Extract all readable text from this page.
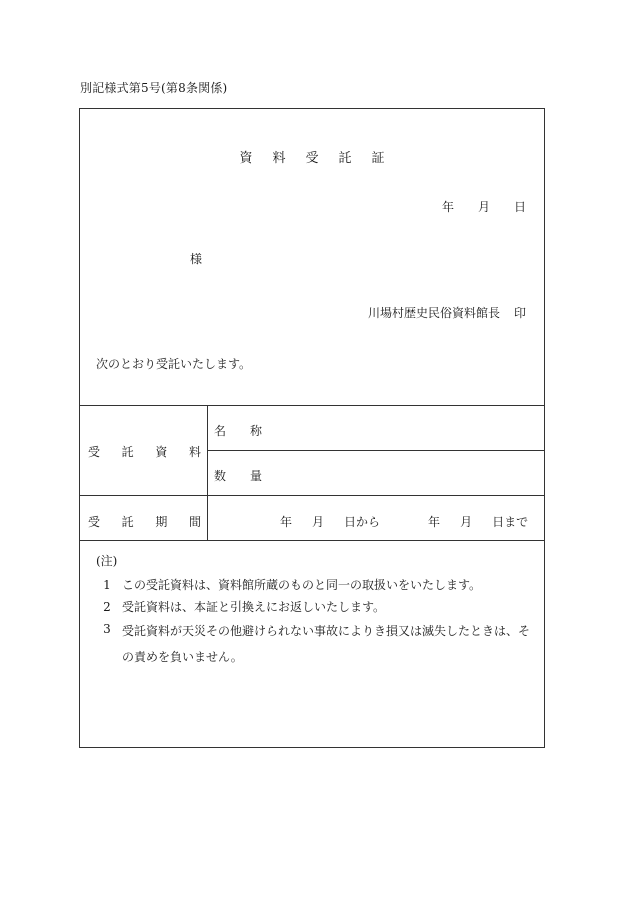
別記様式第5号(第8条関係)
資料受託証
年 月 日
様
川場村歴史民俗資料館長 印
次のとおり受託いたします。
受 託 資 料
名 称
数 量
受 託 期 間	年 月 日から	年 月 日まで
(注)
1 この受託資料は、資料館所蔵のものと同一の取扱いをいたします。
2 受託資料は、本証と引換えにお返しいたします。
3 受託資料が天災その他避けられない事故によりき損又は滅失したときは、その責めを負いません。
